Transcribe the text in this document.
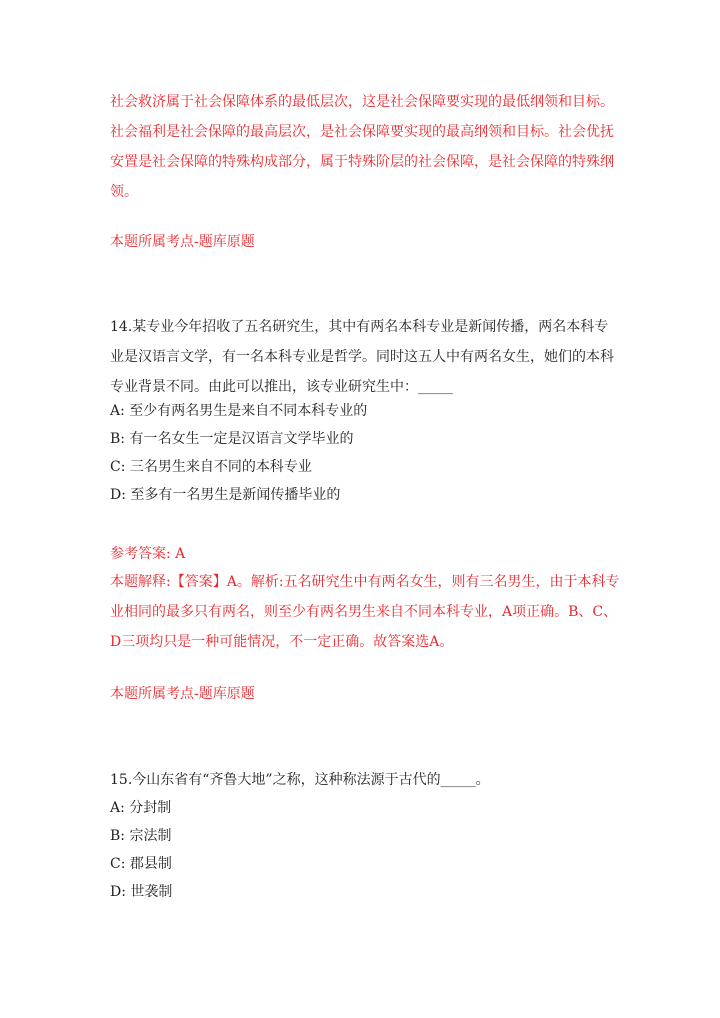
社会救济属于社会保障体系的最低层次，这是社会保障要实现的最低纲领和目标。社会福利是社会保障的最高层次，是社会保障要实现的最高纲领和目标。社会优抚安置是社会保障的特殊构成部分，属于特殊阶层的社会保障，是社会保障的特殊纲领。
本题所属考点-题库原题
14.某专业今年招收了五名研究生，其中有两名本科专业是新闻传播，两名本科专业是汉语言文学，有一名本科专业是哲学。同时这五人中有两名女生，她们的本科专业背景不同。由此可以推出，该专业研究生中：_____
A: 至少有两名男生是来自不同本科专业的
B: 有一名女生一定是汉语言文学毕业的
C: 三名男生来自不同的本科专业
D: 至多有一名男生是新闻传播毕业的
参考答案: A
本题解释:【答案】A。解析:五名研究生中有两名女生，则有三名男生，由于本科专业相同的最多只有两名，则至少有两名男生来自不同本科专业，A项正确。B、C、D三项均只是一种可能情况，不一定正确。故答案选A。
本题所属考点-题库原题
15.今山东省有“齐鲁大地”之称，这种称法源于古代的_____。
A: 分封制
B: 宗法制
C: 郡县制
D: 世袭制
